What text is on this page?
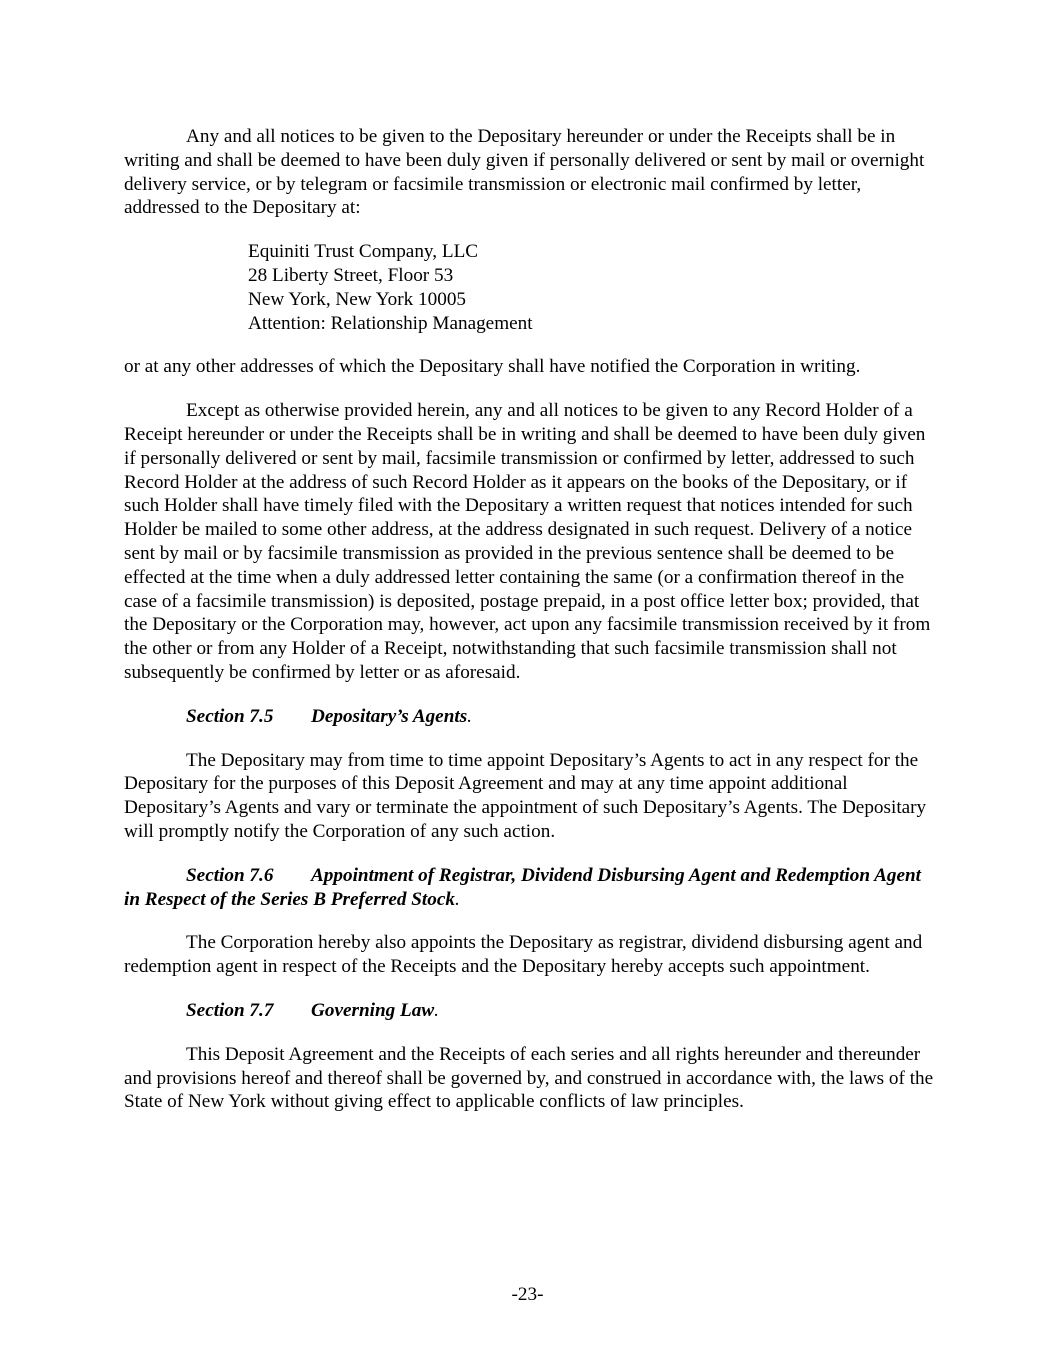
Any and all notices to be given to the Depositary hereunder or under the Receipts shall be in writing and shall be deemed to have been duly given if personally delivered or sent by mail or overnight delivery service, or by telegram or facsimile transmission or electronic mail confirmed by letter, addressed to the Depositary at:

Equiniti Trust Company, LLC
28 Liberty Street, Floor 53
New York, New York 10005
Attention: Relationship Management

or at any other addresses of which the Depositary shall have notified the Corporation in writing.

Except as otherwise provided herein, any and all notices to be given to any Record Holder of a Receipt hereunder or under the Receipts shall be in writing and shall be deemed to have been duly given if personally delivered or sent by mail, facsimile transmission or confirmed by letter, addressed to such Record Holder at the address of such Record Holder as it appears on the books of the Depositary, or if such Holder shall have timely filed with the Depositary a written request that notices intended for such Holder be mailed to some other address, at the address designated in such request. Delivery of a notice sent by mail or by facsimile transmission as provided in the previous sentence shall be deemed to be effected at the time when a duly addressed letter containing the same (or a confirmation thereof in the case of a facsimile transmission) is deposited, postage prepaid, in a post office letter box; provided, that the Depositary or the Corporation may, however, act upon any facsimile transmission received by it from the other or from any Holder of a Receipt, notwithstanding that such facsimile transmission shall not subsequently be confirmed by letter or as aforesaid.

Section 7.5 Depositary’s Agents.

The Depositary may from time to time appoint Depositary’s Agents to act in any respect for the Depositary for the purposes of this Deposit Agreement and may at any time appoint additional Depositary’s Agents and vary or terminate the appointment of such Depositary’s Agents. The Depositary will promptly notify the Corporation of any such action.

Section 7.6 Appointment of Registrar, Dividend Disbursing Agent and Redemption Agent in Respect of the Series B Preferred Stock.

The Corporation hereby also appoints the Depositary as registrar, dividend disbursing agent and redemption agent in respect of the Receipts and the Depositary hereby accepts such appointment.

Section 7.7 Governing Law.

This Deposit Agreement and the Receipts of each series and all rights hereunder and thereunder and provisions hereof and thereof shall be governed by, and construed in accordance with, the laws of the State of New York without giving effect to applicable conflicts of law principles.

-23-
